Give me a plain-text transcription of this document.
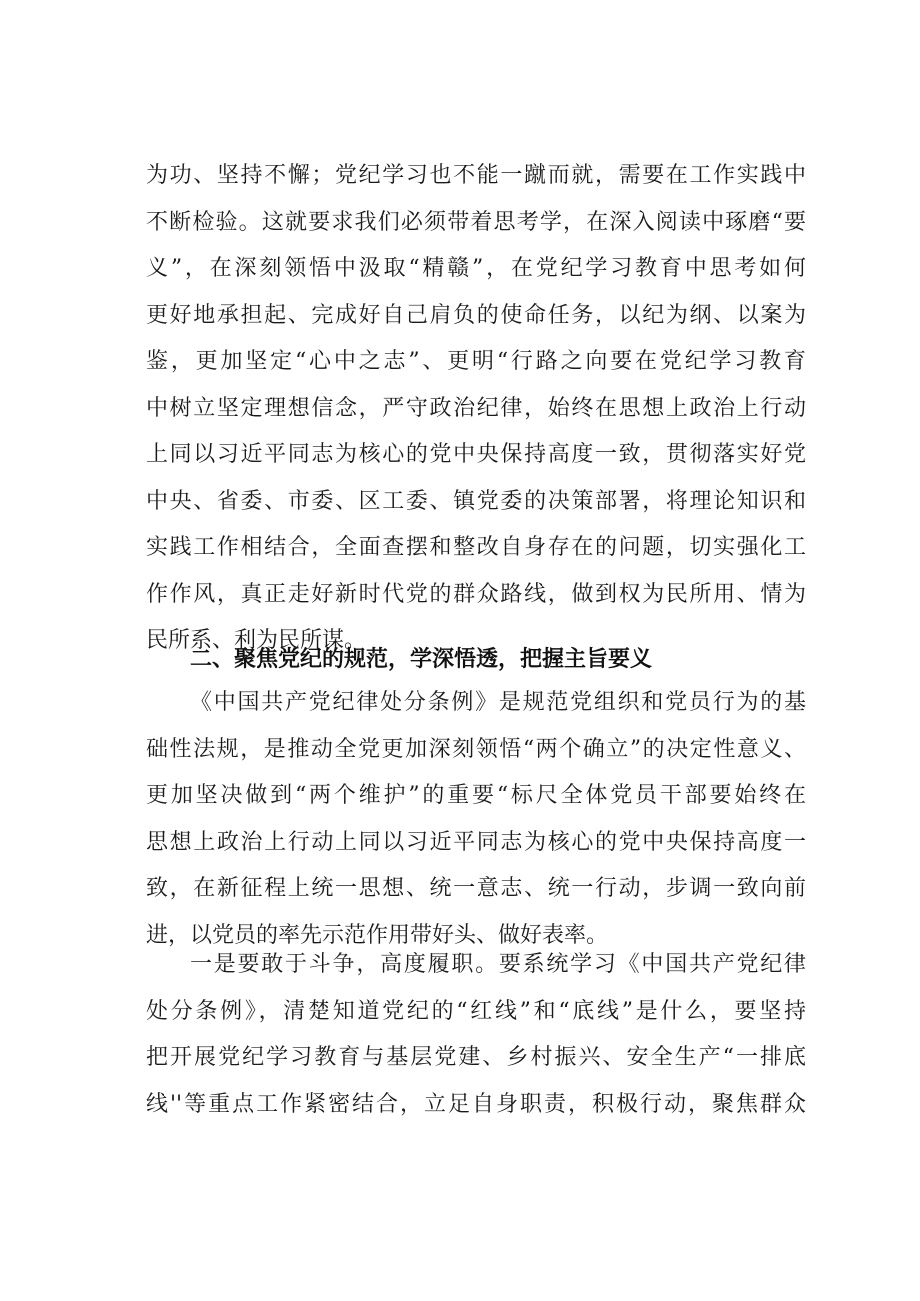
为功、坚持不懈；党纪学习也不能一蹴而就，需要在工作实践中
不断检验。这就要求我们必须带着思考学，在深入阅读中琢磨“要
义”，在深刻领悟中汲取“精赣”，在党纪学习教育中思考如何
更好地承担起、完成好自己肩负的使命任务，以纪为纲、以案为
鉴，更加坚定“心中之志”、更明“行路之向要在党纪学习教育
中树立坚定理想信念，严守政治纪律，始终在思想上政治上行动
上同以习近平同志为核心的党中央保持高度一致，贯彻落实好党
中央、省委、市委、区工委、镇党委的决策部署，将理论知识和
实践工作相结合，全面查摆和整改自身存在的问题，切实强化工
作作风，真正走好新时代党的群众路线，做到权为民所用、情为
民所系、利为民所谋。
二、聚焦党纪的规范，学深悟透，把握主旨要义
《中国共产党纪律处分条例》是规范党组织和党员行为的基
础性法规，是推动全党更加深刻领悟“两个确立”的决定性意义、
更加坚决做到“两个维护”的重要“标尺全体党员干部要始终在
思想上政治上行动上同以习近平同志为核心的党中央保持高度一
致，在新征程上统一思想、统一意志、统一行动，步调一致向前
进，以党员的率先示范作用带好头、做好表率。
一是要敢于斗争，高度履职。要系统学习《中国共产党纪律
处分条例》，清楚知道党纪的“红线”和“底线”是什么，要坚持
把开展党纪学习教育与基层党建、乡村振兴、安全生产“一排底
线''等重点工作紧密结合，立足自身职责，积极行动，聚焦群众
